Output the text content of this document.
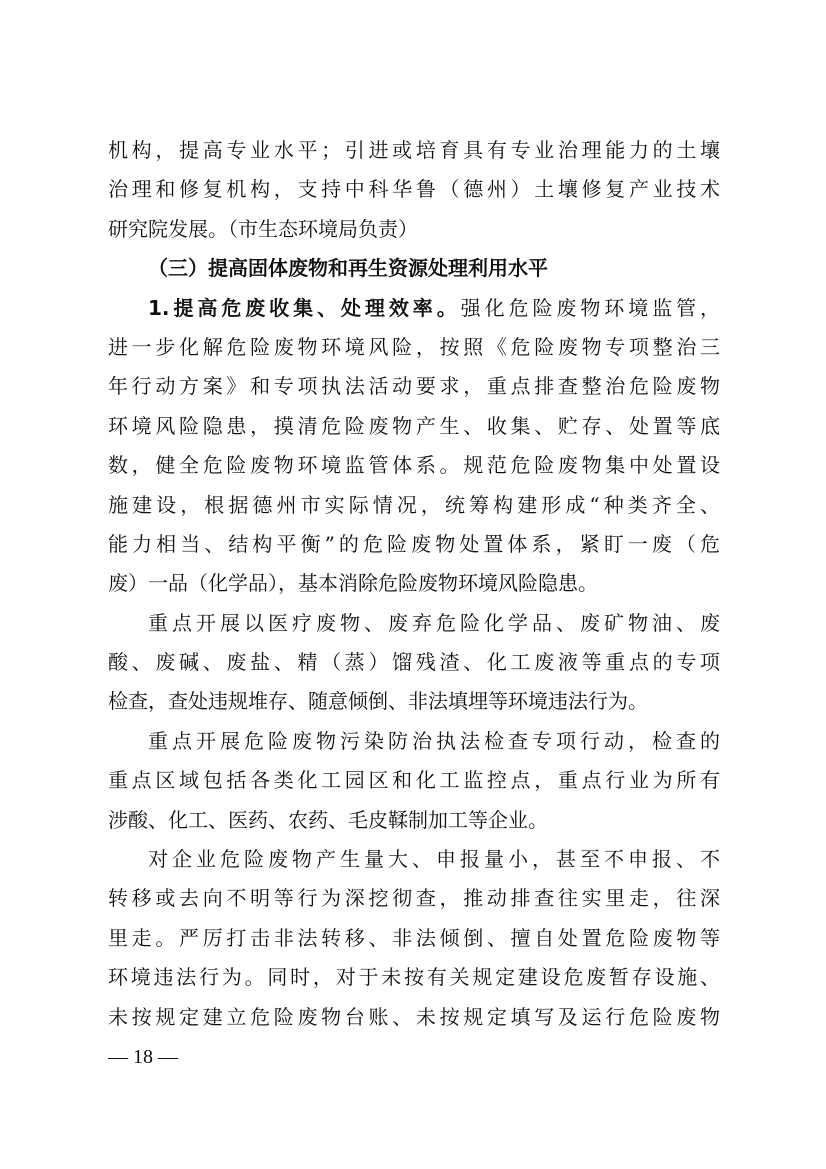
机构，提高专业水平；引进或培育具有专业治理能力的土壤
治理和修复机构，支持中科华鲁（德州）土壤修复产业技术
研究院发展。（市生态环境局负责）
（三）提高固体废物和再生资源处理利用水平
1.提高危废收集、处理效率。强化危险废物环境监管，
进一步化解危险废物环境风险，按照《危险废物专项整治三
年行动方案》和专项执法活动要求，重点排查整治危险废物
环境风险隐患，摸清危险废物产生、收集、贮存、处置等底
数，健全危险废物环境监管体系。规范危险废物集中处置设
施建设，根据德州市实际情况，统筹构建形成“种类齐全、
能力相当、结构平衡”的危险废物处置体系，紧盯一废（危
废）一品（化学品），基本消除危险废物环境风险隐患。
重点开展以医疗废物、废弃危险化学品、废矿物油、废
酸、废碱、废盐、精（蒸）馏残渣、化工废液等重点的专项
检查，查处违规堆存、随意倾倒、非法填埋等环境违法行为。
重点开展危险废物污染防治执法检查专项行动，检查的
重点区域包括各类化工园区和化工监控点，重点行业为所有
涉酸、化工、医药、农药、毛皮鞣制加工等企业。
对企业危险废物产生量大、申报量小，甚至不申报、不
转移或去向不明等行为深挖彻查，推动排查往实里走，往深
里走。严厉打击非法转移、非法倾倒、擅自处置危险废物等
环境违法行为。同时，对于未按有关规定建设危废暂存设施、
未按规定建立危险废物台账、未按规定填写及运行危险废物
— 18 —
